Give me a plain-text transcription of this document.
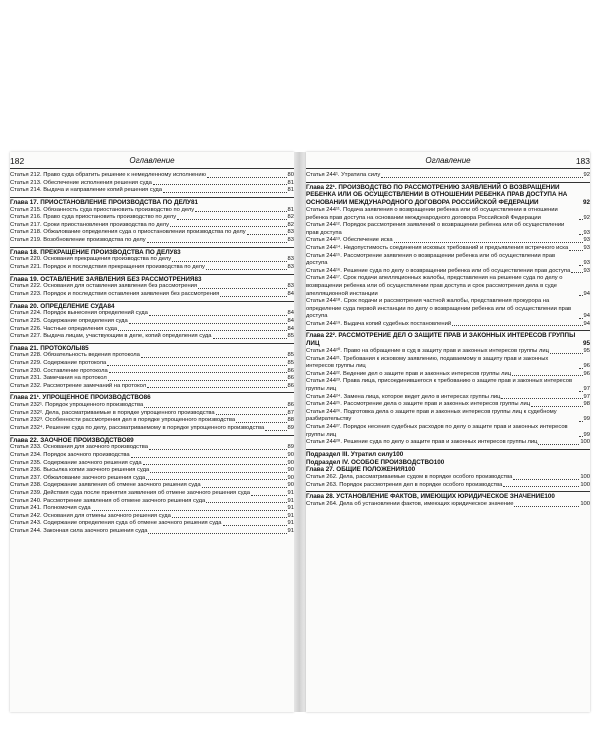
182	Оглавление
Статья 212. Право суда обратить решение к немедленному исполнению	80
Статья 213. Обеспечение исполнения решения суда	81
Статья 214. Выдача и направление копий решения суда	81
Глава 17. ПРИОСТАНОВЛЕНИЕ ПРОИЗВОДСТВА ПО ДЕЛУ 81
Статья 215. Обязанность суда приостановить производство по делу	81
Статья 216. Право суда приостановить производство по делу	82
Статья 217. Сроки приостановления производства по делу	82
Статья 218. Обжалование определения суда о приостановлении производства по делу	83
Статья 219. Возобновление производства по делу	83
Глава 18. ПРЕКРАЩЕНИЕ ПРОИЗВОДСТВА ПО ДЕЛУ 83
Статья 220. Основания прекращения производства по делу	83
Статья 221. Порядок и последствия прекращения производства по делу	83
Глава 19. ОСТАВЛЕНИЕ ЗАЯВЛЕНИЯ БЕЗ РАССМОТРЕНИЯ 83
Статья 222. Основания для оставления заявления без рассмотрения	83
Статья 223. Порядок и последствия оставления заявления без рассмотрения	84
Глава 20. ОПРЕДЕЛЕНИЕ СУДА 84
Статья 224. Порядок вынесения определений суда	84
Статья 225. Содержание определения суда	84
Статья 226. Частные определения суда	84
Статья 227. Выдача лицам, участвующим в деле, копий определения суда	85
Глава 21. ПРОТОКОЛЫ 85
Статья 228. Обязательность ведения протокола	85
Статья 229. Содержание протокола	85
Статья 230. Составление протокола	86
Статья 231. Замечания на протокол	86
Статья 232. Рассмотрение замечаний на протокол	86
Глава 21¹. УПРОЩЕННОЕ ПРОИЗВОДСТВО 86
Статья 232¹. Порядок упрощенного производства	86
Статья 232². Дела, рассматриваемые в порядке упрощенного производства	87
Статья 232³. Особенности рассмотрения дел в порядке упрощенного производства	88
Статья 232⁴. Решение суда по делу, рассматриваемому в порядке упрощенного производства	89
Глава 22. ЗАОЧНОЕ ПРОИЗВОДСТВО 89
Статья 233. Основания для заочного производства	89
Статья 234. Порядок заочного производства	90
Статья 235. Содержание заочного решения суда	90
Статья 236. Высылка копии заочного решения суда	90
Статья 237. Обжалование заочного решения суда	90
Статья 238. Содержание заявления об отмене заочного решения суда	90
Статья 239. Действия суда после принятия заявления об отмене заочного решения суда	91
Статья 240. Рассмотрение заявления об отмене заочного решения суда	91
Статья 241. Полномочия суда	91
Статья 242. Основания для отмены заочного решения суда	91
Статья 243. Содержание определения суда об отмене заочного решения суда	91
Статья 244. Законная сила заочного решения суда	91
Оглавление	183
Статья 244¹. Утратила силу	92
Глава 22¹. ПРОИЗВОДСТВО ПО РАССМОТРЕНИЮ ЗАЯВЛЕНИЙ О ВОЗВРАЩЕНИИ РЕБЕНКА ИЛИ ОБ ОСУЩЕСТВЛЕНИИ В ОТНОШЕНИИ РЕБЕНКА ПРАВ ДОСТУПА НА ОСНОВАНИИ МЕЖДУНАРОДНОГО ДОГОВОРА РОССИЙСКОЙ ФЕДЕРАЦИИ	92
Статья 244¹¹. Подача заявления о возвращении ребенка или об осуществлении в отношении ребенка прав доступа на основании международного договора Российской Федерации	92
Статья 244¹². Порядок рассмотрения заявлений о возвращении ребенка или об осуществлении прав доступа	93
Статья 244¹³. Обеспечение иска	93
Статья 244¹⁴. Недопустимость соединения исковых требований и предъявления встречного иска	93
Статья 244¹⁵. Рассмотрение заявления о возвращении ребенка или об осуществлении прав доступа	93
Статья 244¹⁶. Решение суда по делу о возвращении ребенка или об осуществлении прав доступа 93
Статья 244¹⁷. Срок подачи апелляционных жалобы, представления на решение суда по делу о возвращении ребенка или об осуществлении прав доступа и срок рассмотрения дела в суде апелляционной инстанции	94
Статья 244¹⁸. Срок подачи и рассмотрения частной жалобы, представления прокурора на определение суда первой инстанции по делу о возвращении ребенка или об осуществлении прав доступа	94
Статья 244¹⁹. Выдача копий судебных постановлений	94
Глава 22². РАССМОТРЕНИЕ ДЕЛ О ЗАЩИТЕ ПРАВ И ЗАКОННЫХ ИНТЕРЕСОВ ГРУППЫ ЛИЦ	95
Статья 244²⁰. Право на обращение в суд в защиту прав и законных интересов группы лиц	95
Статья 244²¹. Требования к исковому заявлению, подаваемому в защиту прав и законных интересов группы лиц	96
Статья 244²². Ведение дел о защите прав и законных интересов группы лиц	96
Статья 244²³. Права лица, присоединившегося к требованию о защите прав и законных интересов группы лиц	97
Статья 244²⁴. Замена лица, которое ведет дело в интересах группы лиц	97
Статья 244²⁵. Рассмотрение дела о защите прав и законных интересов группы лиц	98
Статья 244²⁶. Подготовка дела о защите прав и законных интересов группы лиц к судебному разбирательству	99
Статья 244²⁷. Порядок несения судебных расходов по делу о защите прав и законных интересов группы лиц	99
Статья 244²⁸. Решение суда по делу о защите прав и законных интересов группы лиц	100
Подраздел III. Утратил силу 100
Подраздел IV. ОСОБОЕ ПРОИЗВОДСТВО 100
Глава 27. ОБЩИЕ ПОЛОЖЕНИЯ 100
Статья 262. Дела, рассматриваемые судом в порядке особого производства	100
Статья 263. Порядок рассмотрения дел в порядке особого производства	100
Глава 28. УСТАНОВЛЕНИЕ ФАКТОВ, ИМЕЮЩИХ ЮРИДИЧЕСКОЕ ЗНАЧЕНИЕ 100
Статья 264. Дела об установлении фактов, имеющих юридическое значение	100
